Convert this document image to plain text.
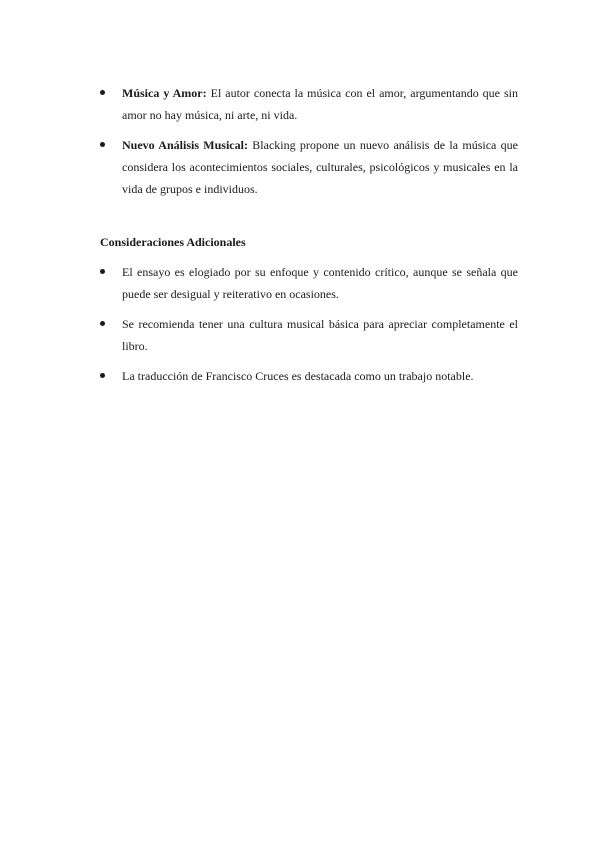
Música y Amor: El autor conecta la música con el amor, argumentando que sin amor no hay música, ni arte, ni vida.
Nuevo Análisis Musical: Blacking propone un nuevo análisis de la música que considera los acontecimientos sociales, culturales, psicológicos y musicales en la vida de grupos e individuos.
Consideraciones Adicionales
El ensayo es elogiado por su enfoque y contenido crítico, aunque se señala que puede ser desigual y reiterativo en ocasiones.
Se recomienda tener una cultura musical básica para apreciar completamente el libro.
La traducción de Francisco Cruces es destacada como un trabajo notable.
